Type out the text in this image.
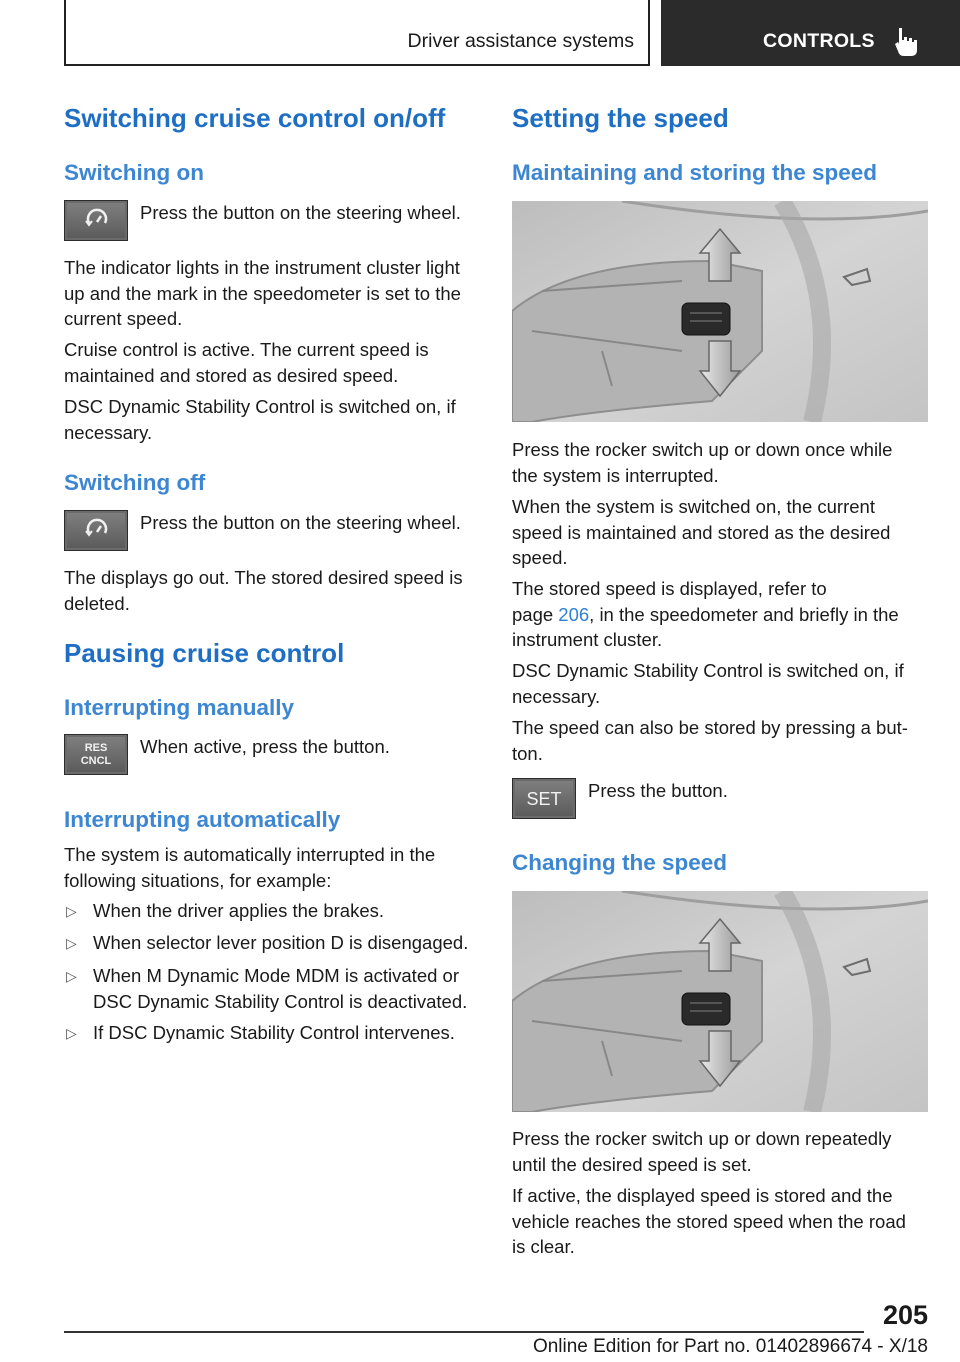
Driver assistance systems	CONTROLS
Switching cruise control on/off
Switching on
Press the button on the steering wheel.
The indicator lights in the instrument cluster light
up and the mark in the speedometer is set to the
current speed.
Cruise control is active. The current speed is
maintained and stored as desired speed.
DSC Dynamic Stability Control is switched on, if
necessary.
Switching off
Press the button on the steering wheel.
The displays go out. The stored desired speed is
deleted.
Pausing cruise control
Interrupting manually
RES
CNCL
When active, press the button.
Interrupting automatically
The system is automatically interrupted in the
following situations, for example:
▷ When the driver applies the brakes.
▷ When selector lever position D is disengaged.
▷ When M Dynamic Mode MDM is activated or
DSC Dynamic Stability Control is deactivated.
▷ If DSC Dynamic Stability Control intervenes.
Setting the speed
Maintaining and storing the speed
Press the rocker switch up or down once while
the system is interrupted.
When the system is switched on, the current
speed is maintained and stored as the desired
speed.
The stored speed is displayed, refer to
page 206, in the speedometer and briefly in the
instrument cluster.
DSC Dynamic Stability Control is switched on, if
necessary.
The speed can also be stored by pressing a but‐
ton.
SET	Press the button.
Changing the speed
Press the rocker switch up or down repeatedly
until the desired speed is set.
If active, the displayed speed is stored and the
vehicle reaches the stored speed when the road
is clear.
205
Online Edition for Part no. 01402896674 - X/18
